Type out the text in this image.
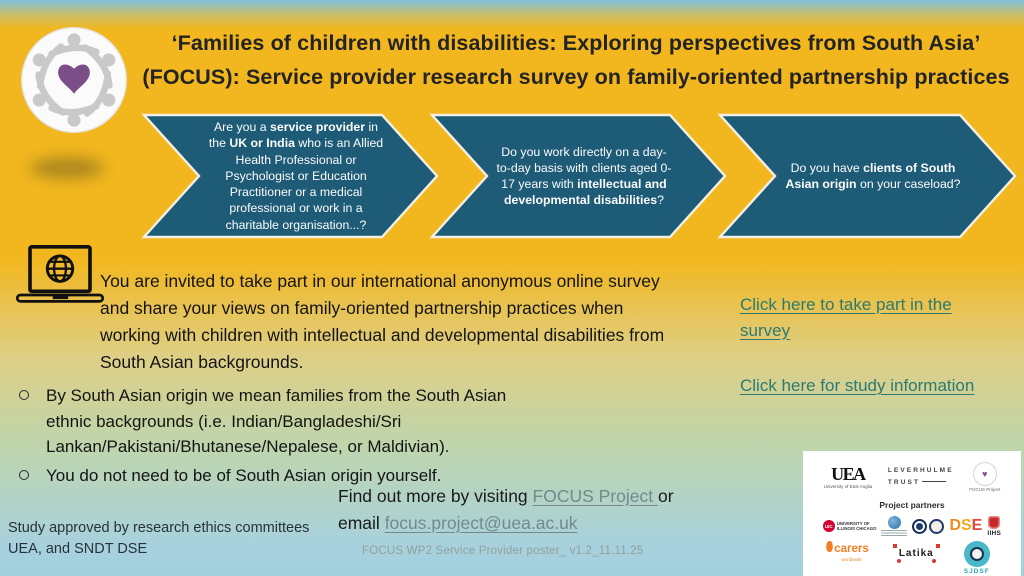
‘Families of children with disabilities: Exploring perspectives from South Asia’
(FOCUS): Service provider research survey on family-oriented partnership practices
Are you a service provider in the UK or India who is an Allied Health Professional or Psychologist or Education Practitioner or a medical professional or work in a charitable organisation...?
Do you work directly on a day-to-day basis with clients aged 0-17 years with intellectual and developmental disabilities?
Do you have clients of South Asian origin on your caseload?

You are invited to take part in our international anonymous online survey and share your views on family-oriented partnership practices when working with children with intellectual and developmental disabilities from South Asian backgrounds.

Click here to take part in the survey
Click here for study information
By South Asian origin we mean families from the South Asian ethnic backgrounds (i.e. Indian/Bangladeshi/Sri Lankan/Pakistani/Bhutanese/Nepalese, or Maldivian).
You do not need to be of South Asian origin yourself.

Find out more by visiting FOCUS Project or email focus.project@uea.ac.uk

FOCUS WP2 Service Provider poster_ v1.2_11.11.25
Study approved by research ethics committees UEA, and SNDT DSE
UEA
University of East Anglia
LEVERHULME
TRUST
♥
FOCUS Project
Project partners
UIC
UNIVERSITY OF
ILLINOIS CHICAGO	DSE IIHS
carers
worldwide	Latika
SJDSF
